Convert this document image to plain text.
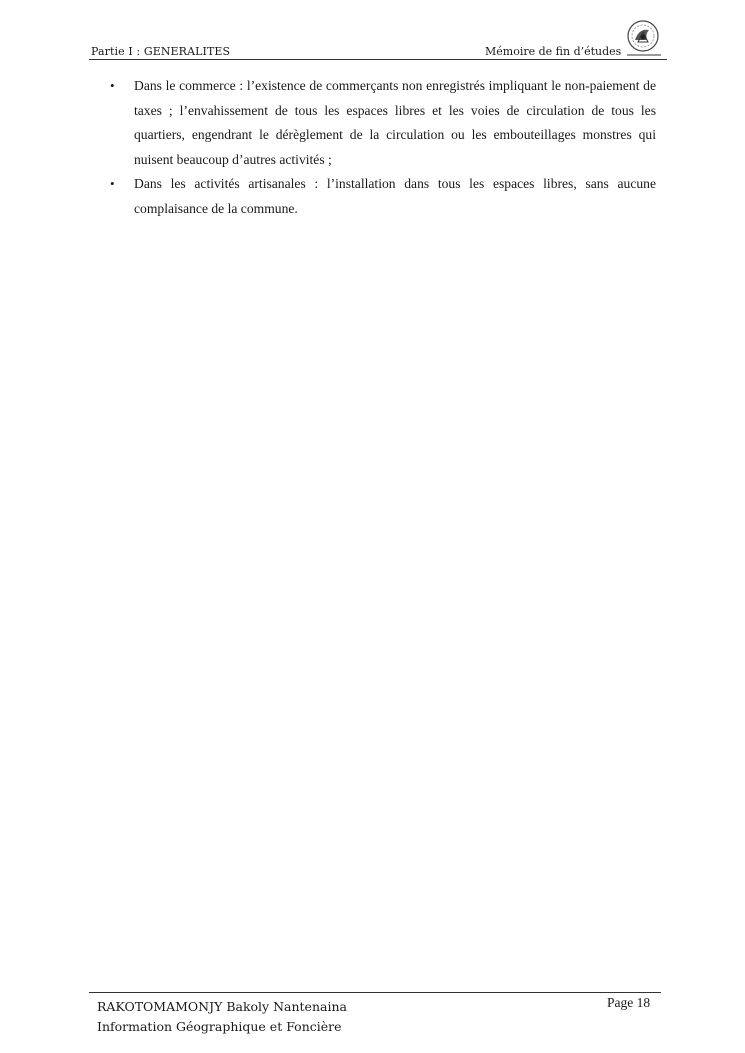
Partie I : GENERALITES	Mémoire de fin d’études
• Dans le commerce : l’existence de commerçants non enregistrés impliquant le non-paiement de taxes ; l’envahissement de tous les espaces libres et les voies de circulation de tous les quartiers, engendrant le dérèglement de la circulation ou les embouteillages monstres qui nuisent beaucoup d’autres activités ;
• Dans les activités artisanales : l’installation dans tous les espaces libres, sans aucune complaisance de la commune.
RAKOTOMAMONJY Bakoly Nantenaina
Information Géographique et Foncière
Page 18
